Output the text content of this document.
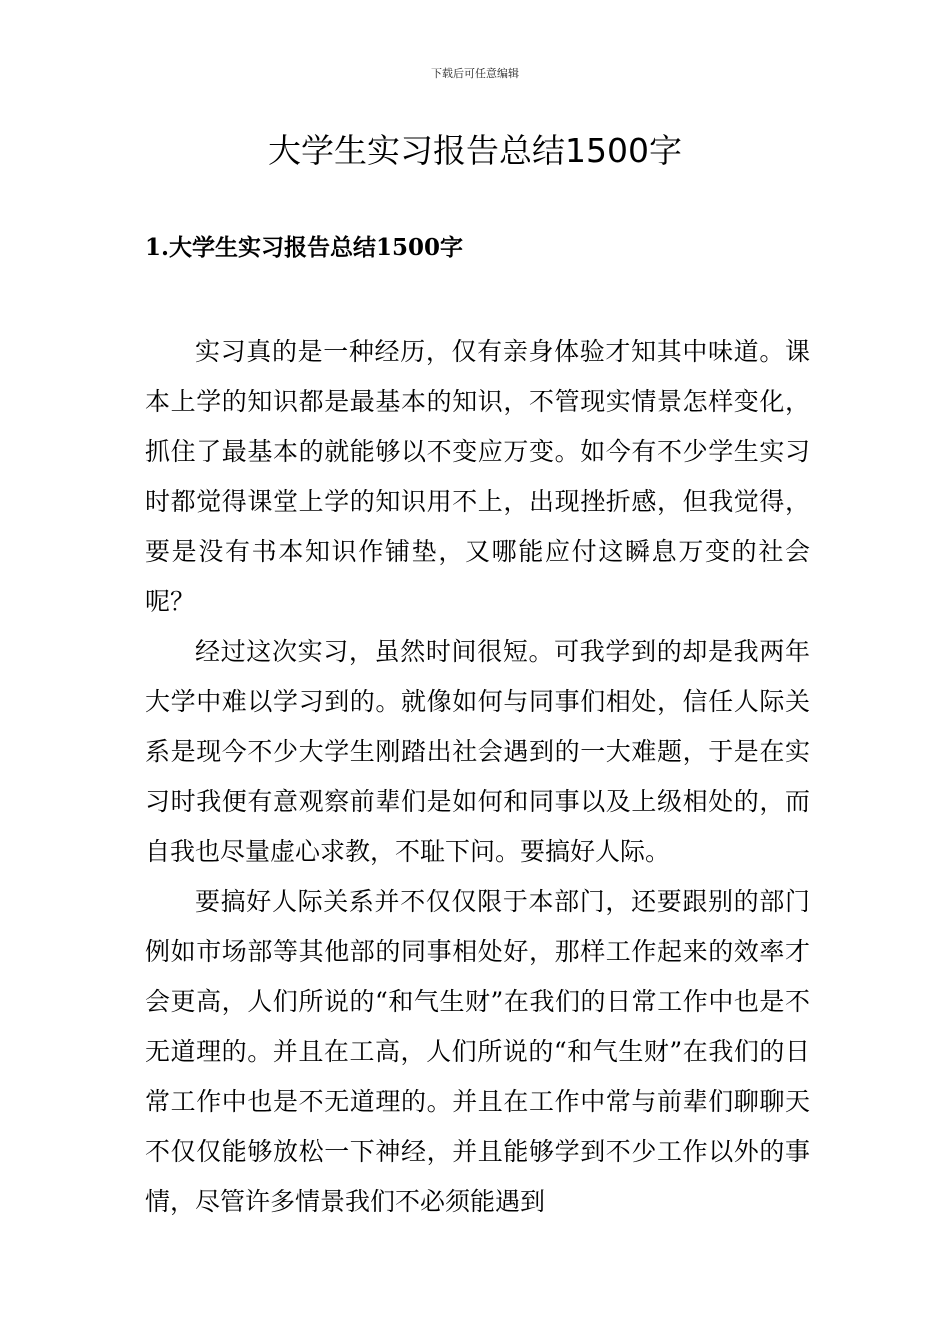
下载后可任意编辑
大学生实习报告总结1500字
1.大学生实习报告总结1500字

实习真的是一种经历，仅有亲身体验才知其中味道。课本上学的知识都是最基本的知识，不管现实情景怎样变化，抓住了最基本的就能够以不变应万变。如今有不少学生实习时都觉得课堂上学的知识用不上，出现挫折感，但我觉得，要是没有书本知识作铺垫，又哪能应付这瞬息万变的社会呢？

经过这次实习，虽然时间很短。可我学到的却是我两年大学中难以学习到的。就像如何与同事们相处，信任人际关系是现今不少大学生刚踏出社会遇到的一大难题，于是在实习时我便有意观察前辈们是如何和同事以及上级相处的，而自我也尽量虚心求教，不耻下问。要搞好人际。

要搞好人际关系并不仅仅限于本部门，还要跟别的部门例如市场部等其他部的同事相处好，那样工作起来的效率才会更高，人们所说的“和气生财”在我们的日常工作中也是不无道理的。并且在工高，人们所说的“和气生财”在我们的日常工作中也是不无道理的。并且在工作中常与前辈们聊聊天不仅仅能够放松一下神经，并且能够学到不少工作以外的事情，尽管许多情景我们不必须能遇到
